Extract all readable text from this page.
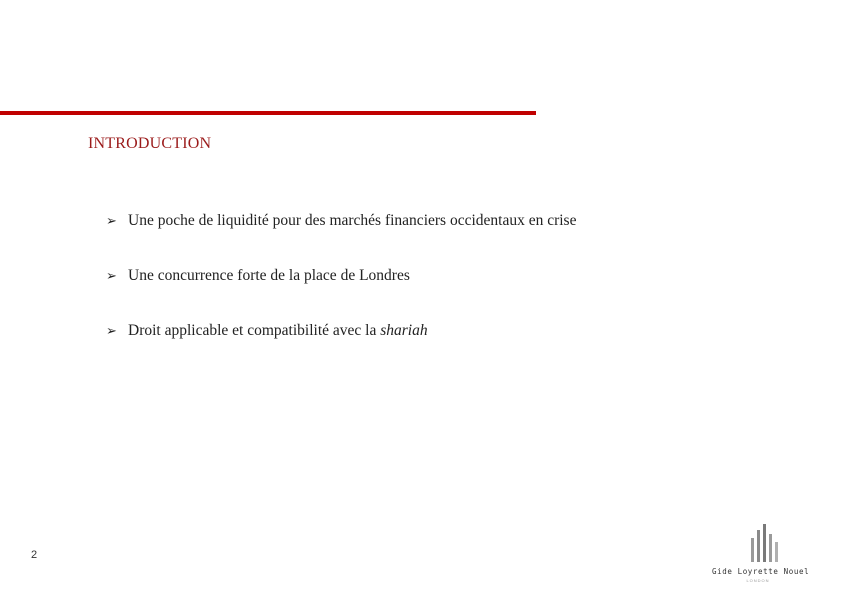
INTRODUCTION
➢ Une poche de liquidité pour des marchés financiers occidentaux en crise
➢ Une concurrence forte de la place de Londres
➢ Droit applicable et compatibilité avec la shariah
2
Gide Loyrette Nouel
LONDON
